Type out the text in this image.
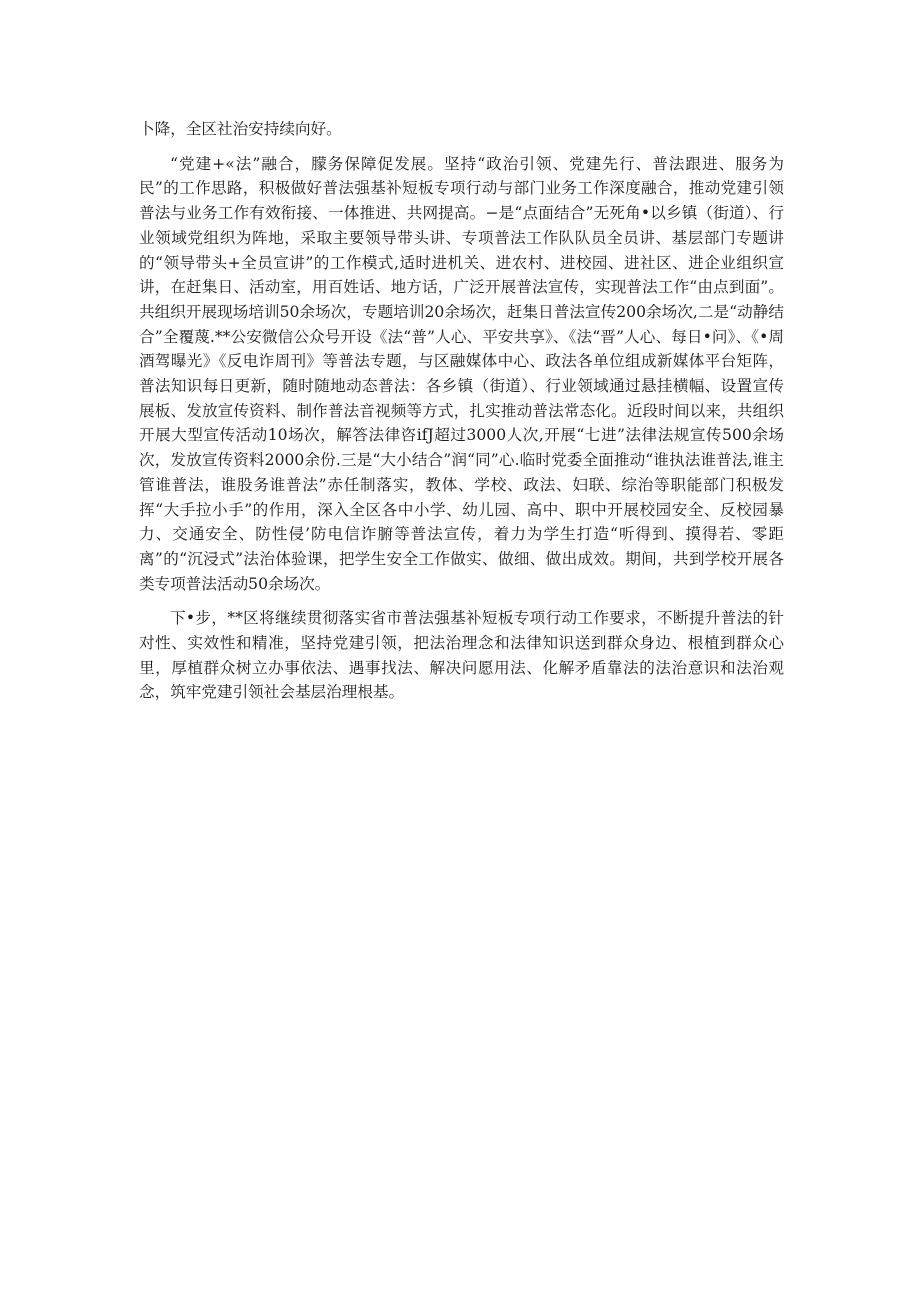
卜降，全区社治安持续向好。

“党建+«法”融合，朦务保障促发展。坚持“政治引领、党建先行、普法跟进、服务为民”的工作思路，积极做好普法强基补短板专项行动与部门业务工作深度融合，推动党建引领普法与业务工作有效衔接、一体推进、共网提高。−是“点面结合”无死角•以乡镇（街道）、行业领域党组织为阵地，采取主要领导带头讲、专项普法工作队队员全员讲、基层部门专题讲的“领导带头+全员宣讲”的工作模式,适时进机关、进农村、进校园、进社区、进企业组织宣讲，在赶集日、活动室，用百姓话、地方话，广泛开展普法宣传，实现普法工作“由点到面”。共组织开展现场培训50余场次，专题培训20余场次，赶集日普法宣传200余场次,二是“动静结合”全覆蔑.**公安微信公众号开设《法“普”人心、平安共享》、《法“晋”人心、每日•问》、《•周酒驾曝光》《反电诈周刊》等普法专题，与区融媒体中心、政法各单位组成新媒体平台矩阵，普法知识每日更新，随时随地动态普法：各乡镇（街道）、行业领域通过悬挂横幅、设置宣传展板、发放宣传资料、制作普法音视频等方式，扎实推动普法常态化。近段时间以来，共组织开展大型宣传活动10场次，解答法律咨ifJ超过3000人次,开展“七进”法律法规宣传500余场次，发放宣传资料2000余份.三是“大小结合”润“同”心.临时党委全面推动“谁执法谁普法,谁主管谁普法，谁股务谁普法”赤任制落实，教体、学校、政法、妇联、综治等职能部门积极发挥“大手拉小手”的作用，深入全区各中小学、幼儿园、高中、职中开展校园安全、反校园暴力、交通安全、防性侵’防电信诈腑等普法宣传，着力为学生打造“听得到、摸得若、零距离”的“沉浸式”法治体验课，把学生安全工作做实、做细、做出成效。期间，共到学校开展各类专项普法活动50余场次。

下•步，**区将继续贯彻落实省市普法强基补短板专项行动工作要求，不断提升普法的针对性、实效性和精准，坚持党建引领，把法治理念和法律知识送到群众身边、根植到群众心里，厚植群众树立办事依法、遇事找法、解决问愿用法、化解矛盾靠法的法治意识和法治观念，筑牢党建引领社会基层治理根基。
